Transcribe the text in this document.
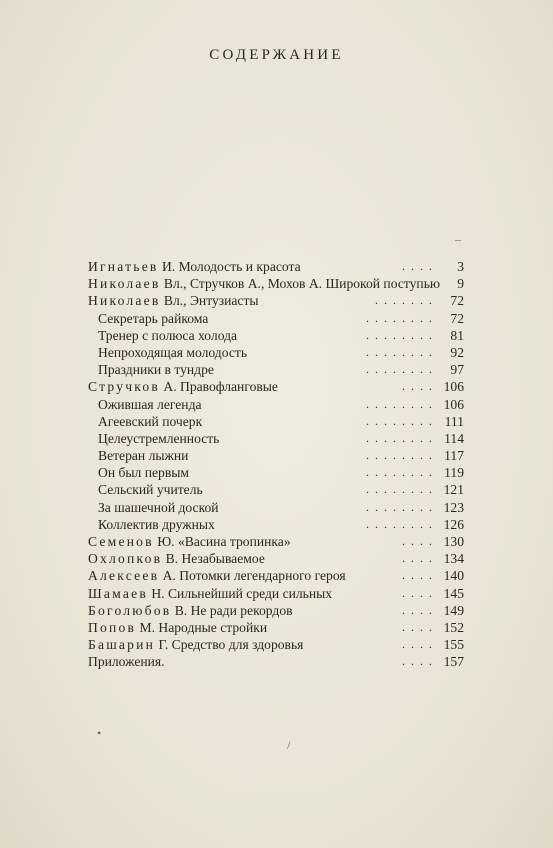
СОДЕРЖАНИЕ
Игнатьев И. Молодость и красота	....	3
Николаев Вл., Стручков А., Мохов А. Широкой поступью	9
Николаев Вл., Энтузиасты	....... 72
Секретарь райкома	........ 72
Тренер с полюса холода	........ 81
Непроходящая молодость	........ 92
Праздники в тундре	........ 97
Стручков А. Правофланговые	.... 106
Ожившая легенда	........ 106
Агеевский почерк	........ 111
Целеустремленность	........ 114
Ветеран лыжни	........ 117
Он был первым	........ 119
Сельский учитель	........ 121
За шашечной доской	........ 123
Коллектив дружных	........ 126
Семенов Ю. «Васина тропинка»	.... 130
Охлопков В. Незабываемое	.... 134
Алексеев А. Потомки легендарного героя	.... 140
Шамаев Н. Сильнейший среди сильных	.... 145
Боголюбов В. Не ради рекордов	.... 149
Попов М. Народные стройки	.... 152
Башарин Г. Средство для здоровья	.... 155
Приложения.	.... 157
–
•
/
